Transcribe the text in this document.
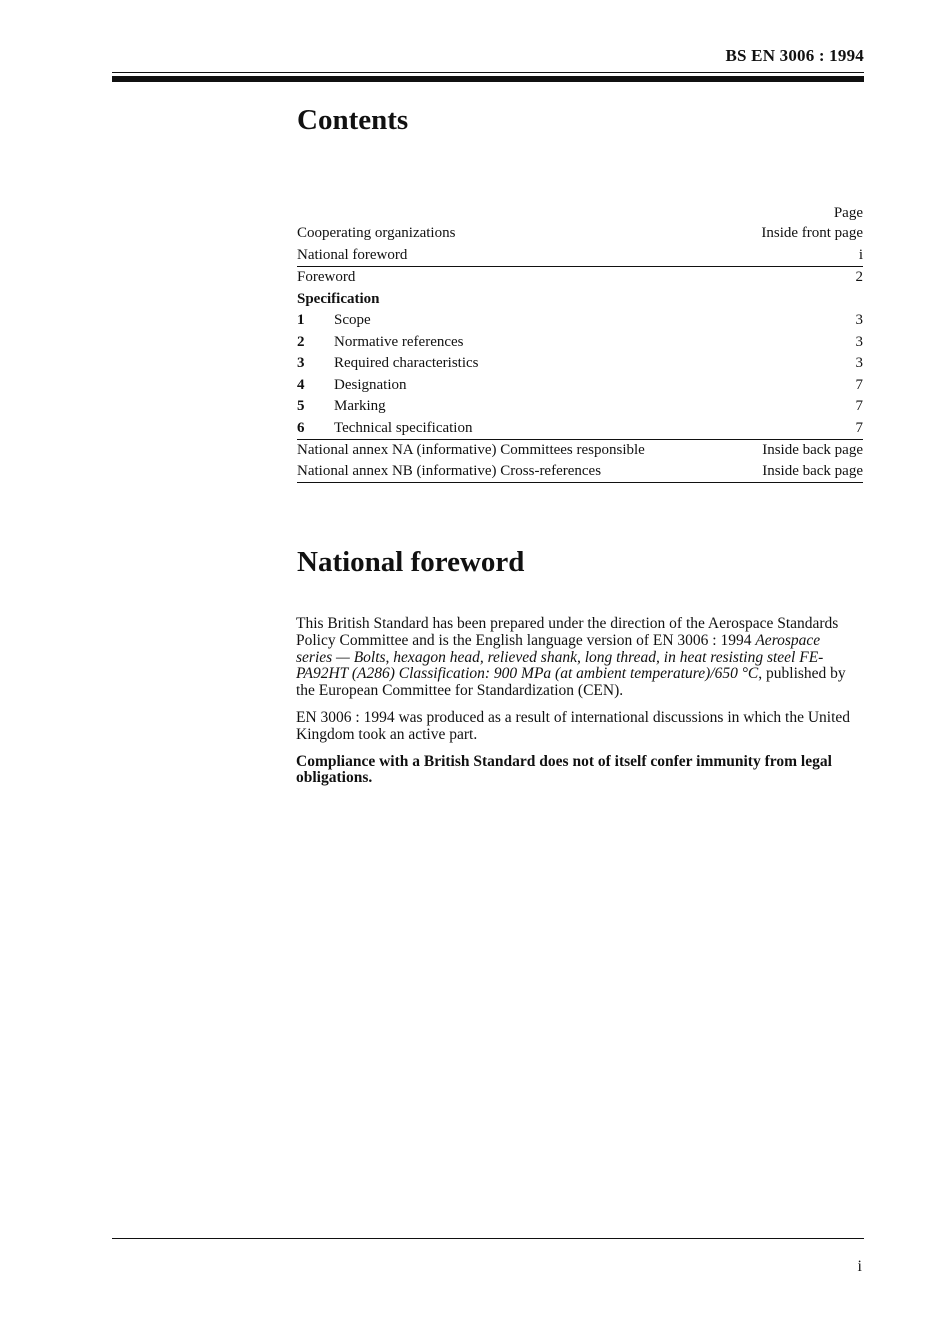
BS EN 3006 : 1994
Contents
Page
Cooperating organizations	Inside front page
National foreword	i
Foreword	2
Specification
1 Scope	3
2 Normative references	3
3 Required characteristics	3
4 Designation	7
5 Marking	7
6 Technical specification	7
National annex NA (informative) Committees responsible	Inside back page
National annex NB (informative) Cross-references	Inside back page
National foreword

This British Standard has been prepared under the direction of the Aerospace Standards Policy Committee and is the English language version of EN 3006 : 1994 Aerospace series — Bolts, hexagon head, relieved shank, long thread, in heat resisting steel FE-PA92HT (A286) Classification: 900 MPa (at ambient temperature)/650 °C, published by the European Committee for Standardization (CEN).

EN 3006 : 1994 was produced as a result of international discussions in which the United Kingdom took an active part.

Compliance with a British Standard does not of itself confer immunity from legal obligations.

i
